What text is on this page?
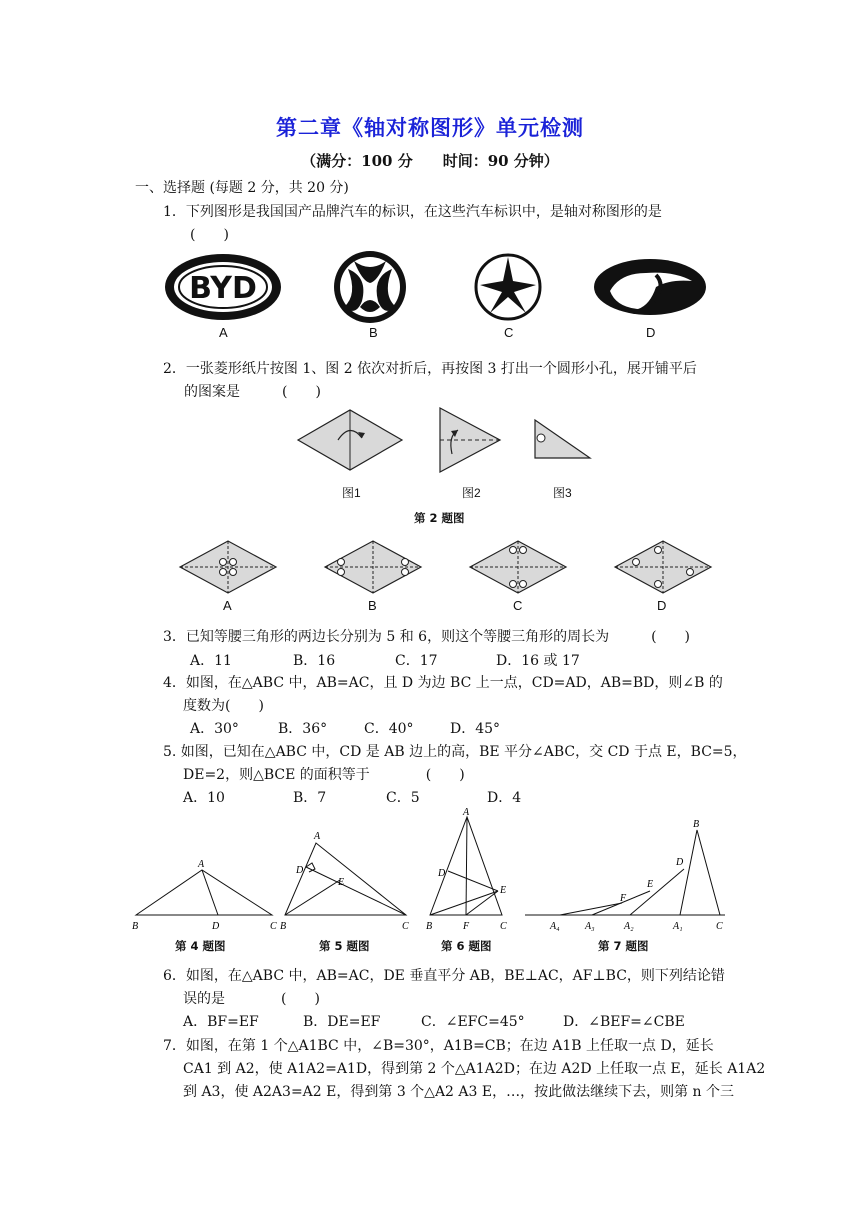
第二章《轴对称图形》单元检测
（满分：100 分　　时间：90 分钟）
一、选择题 (每题 2 分，共 20 分)
1．下列图形是我国国产品牌汽车的标识，在这些汽车标识中，是轴对称图形的是
(　　)
BYD
A	B	C	D
2．一张菱形纸片按图 1、图 2 依次对折后，再按图 3 打出一个圆形小孔，展开铺平后
的图案是　　　(　　)
图1	图2	图3
第 2 题图
A	B	C	D
3．已知等腰三角形的两边长分别为 5 和 6，则这个等腰三角形的周长为　　　(　　)
A．11	B．16	C．17	D．16 或 17
4．如图，在△ABC 中，AB=AC，且 D 为边 BC 上一点，CD=AD，AB=BD，则∠B 的
度数为(　　)
A．30°	B．36°	C．40°	D．45°
5. 如图，已知在△ABC 中，CD 是 AB 边上的高，BE 平分∠ABC，交 CD 于点 E，BC=5，
DE=2，则△BCE 的面积等于　　　　(　　)
A．10	B．7	C．5	D．4
A
B	D	C
A
D
E
B	C
A
D
E
B	F	C
B
D
E
F
A₄	A₃	A₂	A₁	C
第 4 题图	第 5 题图	第 6 题图	第 7 题图
6．如图，在△ABC 中，AB=AC，DE 垂直平分 AB，BE⊥AC，AF⊥BC，则下列结论错
误的是　　　　(　　)
A．BF=EF	B．DE=EF	C．∠EFC=45°	D．∠BEF=∠CBE
7．如图，在第 1 个△A1BC 中，∠B=30°，A1B=CB；在边 A1B 上任取一点 D，延长
CA1 到 A2，使 A1A2=A1D，得到第 2 个△A1A2D；在边 A2D 上任取一点 E，延长 A1A2
到 A3，使 A2A3=A2 E，得到第 3 个△A2 A3 E，…，按此做法继续下去，则第 n 个三
